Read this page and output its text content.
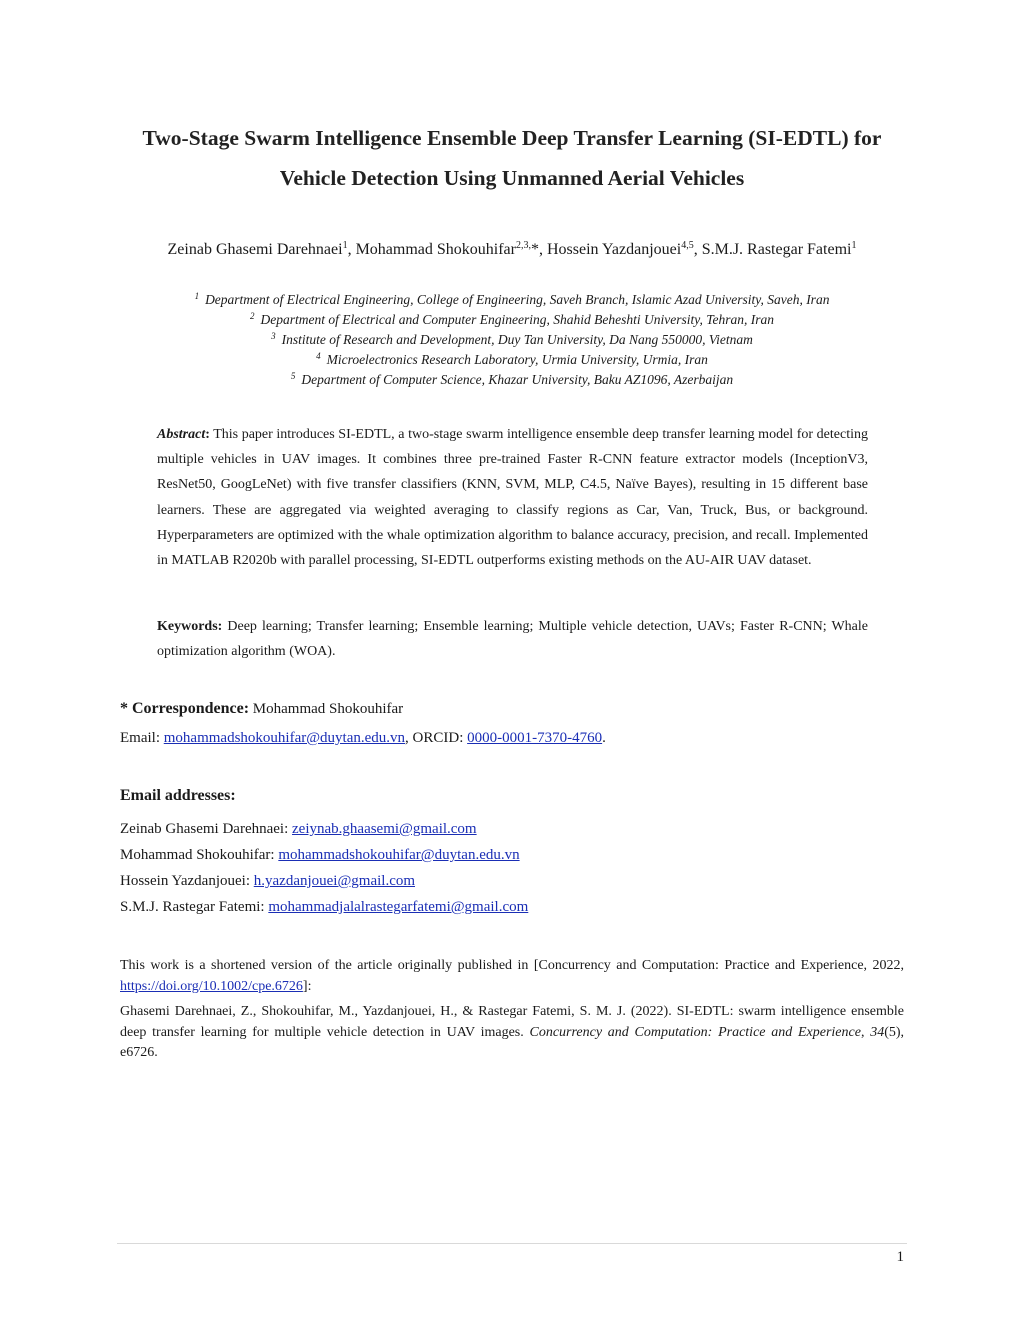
Two-Stage Swarm Intelligence Ensemble Deep Transfer Learning (SI-EDTL) for
Vehicle Detection Using Unmanned Aerial Vehicles
Zeinab Ghasemi Darehnaei$^1$, Mohammad Shokouhifar$^{2,3,}$*, Hossein Yazdanjouei$^{4,5}$, S.M.J. Rastegar Fatemi$^1$
$^1$ Department of Electrical Engineering, College of Engineering, Saveh Branch, Islamic Azad University, Saveh, Iran
$^2$ Department of Electrical and Computer Engineering, Shahid Beheshti University, Tehran, Iran
$^3$ Institute of Research and Development, Duy Tan University, Da Nang 550000, Vietnam
$^4$ Microelectronics Research Laboratory, Urmia University, Urmia, Iran
$^5$ Department of Computer Science, Khazar University, Baku AZ1096, Azerbaijan
Abstract: This paper introduces SI-EDTL, a two-stage swarm intelligence ensemble deep transfer learning model for detecting multiple vehicles in UAV images. It combines three pre-trained Faster R-CNN feature extractor models (InceptionV3, ResNet50, GoogLeNet) with five transfer classifiers (KNN, SVM, MLP, C4.5, Naïve Bayes), resulting in 15 different base learners. These are aggregated via weighted averaging to classify regions as Car, Van, Truck, Bus, or background. Hyperparameters are optimized with the whale optimization algorithm to balance accuracy, precision, and recall. Implemented in MATLAB R2020b with parallel processing, SI-EDTL outperforms existing methods on the AU-AIR UAV dataset.
Keywords: Deep learning; Transfer learning; Ensemble learning; Multiple vehicle detection, UAVs; Faster R-CNN; Whale optimization algorithm (WOA).
* Correspondence: Mohammad Shokouhifar
Email: mohammadshokouhifar@duytan.edu.vn, ORCID: 0000-0001-7370-4760.
Email addresses:
Zeinab Ghasemi Darehnaei: zeiynab.ghaasemi@gmail.com
Mohammad Shokouhifar: mohammadshokouhifar@duytan.edu.vn
Hossein Yazdanjouei: h.yazdanjouei@gmail.com
S.M.J. Rastegar Fatemi: mohammadjalalrastegarfatemi@gmail.com
This work is a shortened version of the article originally published in [Concurrency and Computation: Practice and Experience, 2022, https://doi.org/10.1002/cpe.6726]:
Ghasemi Darehnaei, Z., Shokouhifar, M., Yazdanjouei, H., & Rastegar Fatemi, S. M. J. (2022). SI-EDTL: swarm intelligence ensemble deep transfer learning for multiple vehicle detection in UAV images. Concurrency and Computation: Practice and Experience, 34(5), e6726.
1
